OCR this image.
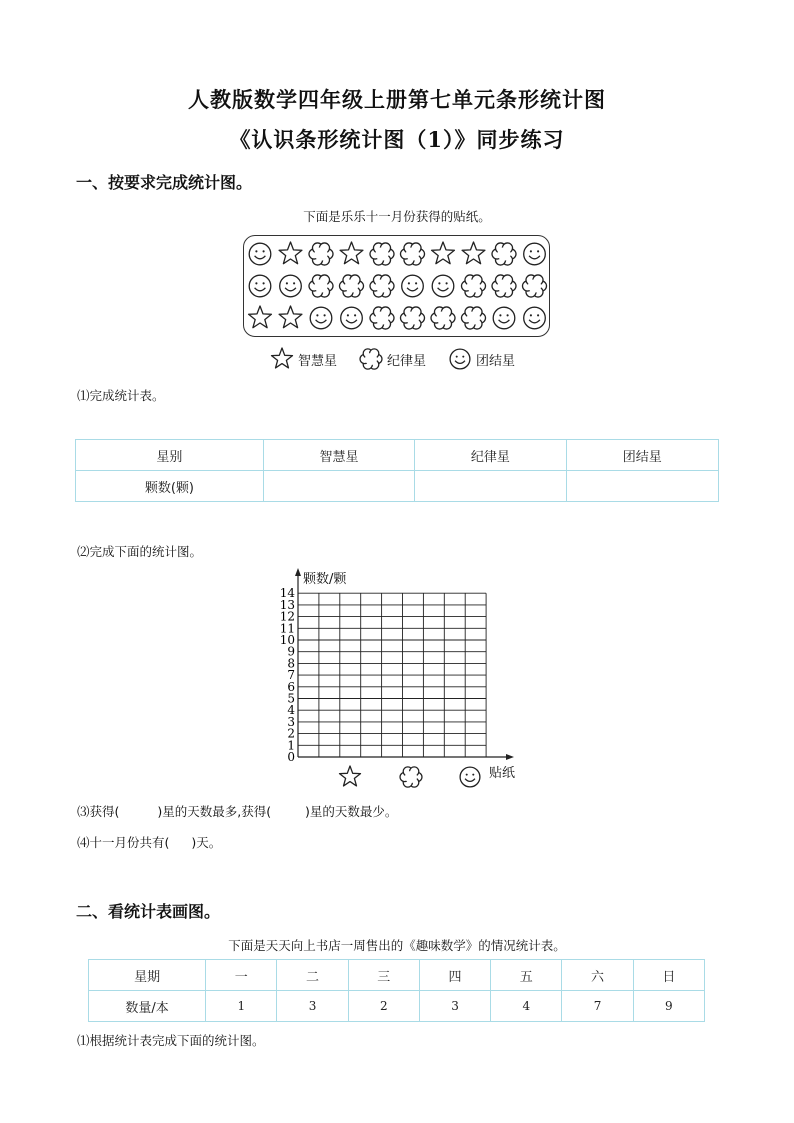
人教版数学四年级上册第七单元条形统计图
《认识条形统计图（1）》同步练习
一、按要求完成统计图。
下面是乐乐十一月份获得的贴纸。
智慧星	纪律星	团结星
⑴完成统计表。
星别	智慧星	纪律星	团结星
颗数(颗)			
⑵完成下面的统计图。
0
1
2
3
4
5
6
7
8
9
10
11
12
13
14
颗数/颗
贴纸
⑶获得(  )星的天数最多,获得(  )星的天数最少。
⑷十一月份共有(  )天。
二、看统计表画图。
下面是天天向上书店一周售出的《趣味数学》的情况统计表。
星期	一	二	三	四	五	六	日
数量/本	1	3	2	3	4	7	9
⑴根据统计表完成下面的统计图。
